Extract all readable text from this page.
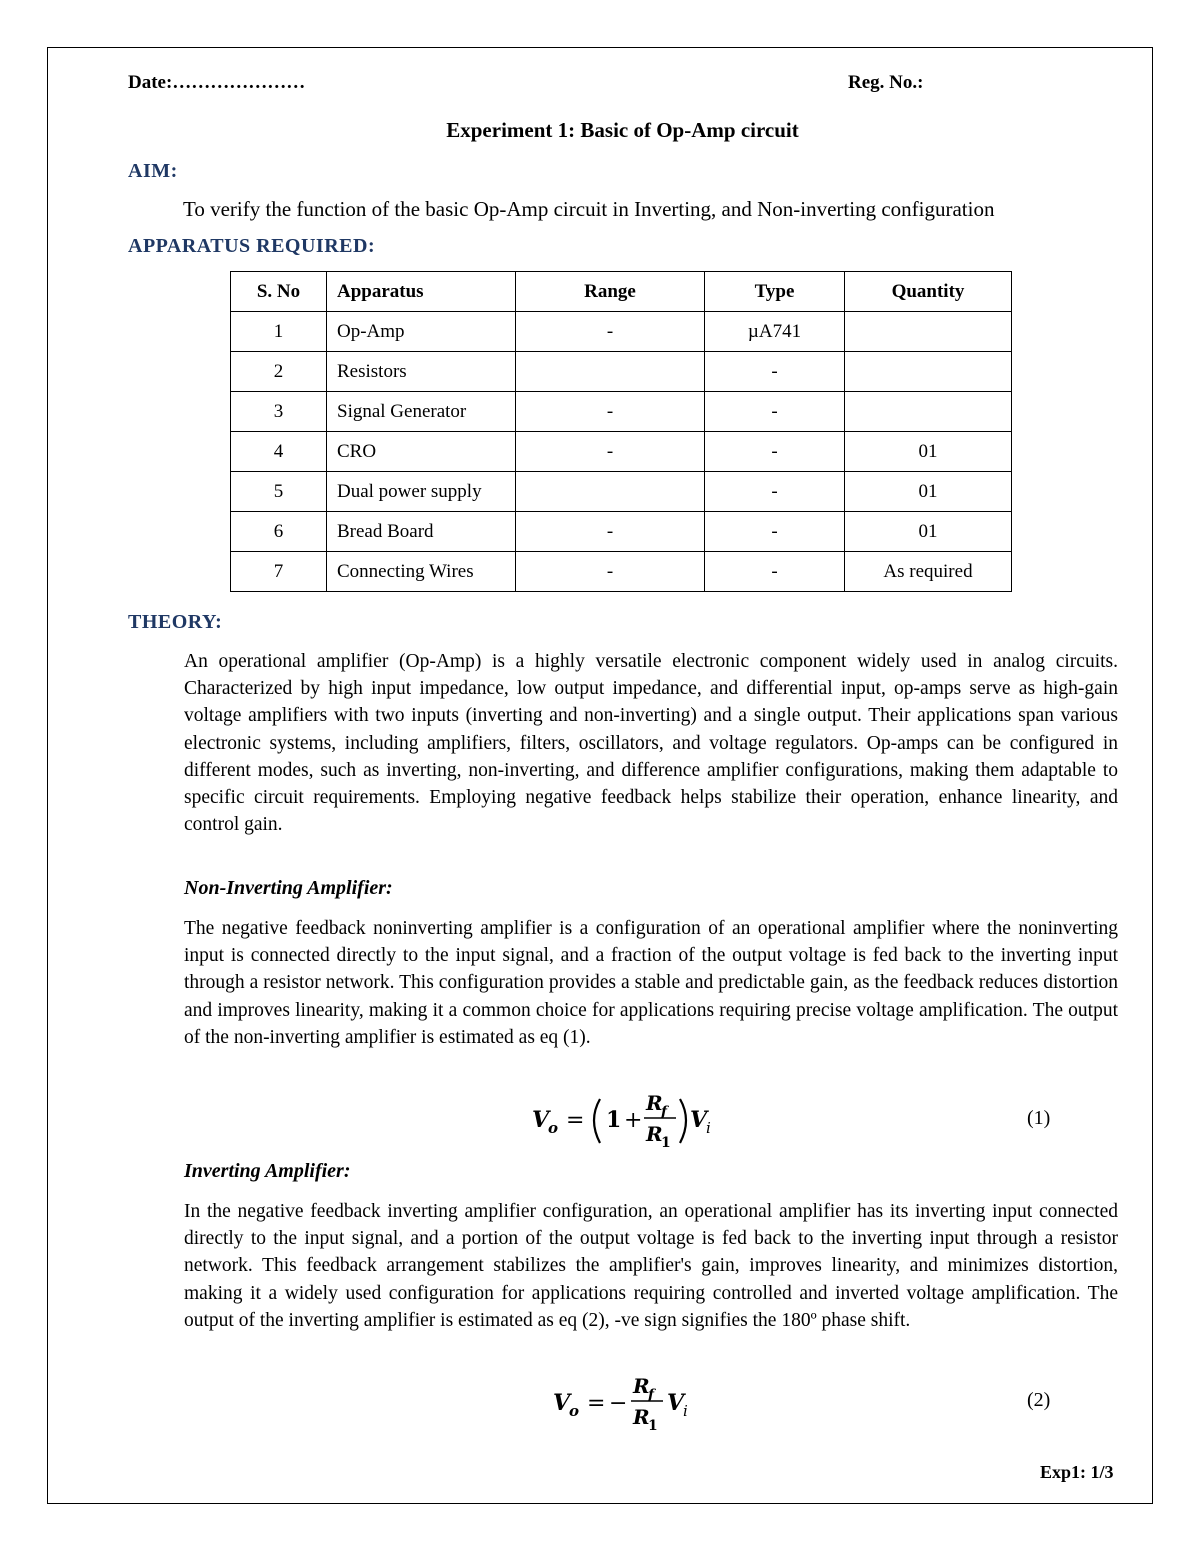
Date:…………………	Reg. No.:
Experiment 1: Basic of Op-Amp circuit
AIM:
To verify the function of the basic Op-Amp circuit in Inverting, and Non-inverting configuration
APPARATUS REQUIRED:
S. No	Apparatus	Range	Type	Quantity
1	Op-Amp	-	µA741	
2	Resistors		-	
3	Signal Generator	-	-	
4	CRO	-	-	01
5	Dual power supply		-	01
6	Bread Board	-	-	01
7	Connecting Wires	-	-	As required
THEORY:
An operational amplifier (Op-Amp) is a highly versatile electronic component widely used in analog circuits. Characterized by high input impedance, low output impedance, and differential input, op-amps serve as high-gain voltage amplifiers with two inputs (inverting and non-inverting) and a single output. Their applications span various electronic systems, including amplifiers, filters, oscillators, and voltage regulators. Op-amps can be configured in different modes, such as inverting, non-inverting, and difference amplifier configurations, making them adaptable to specific circuit requirements. Employing negative feedback helps stabilize their operation, enhance linearity, and control gain.
Non-Inverting Amplifier:
The negative feedback noninverting amplifier is a configuration of an operational amplifier where the noninverting input is connected directly to the input signal, and a fraction of the output voltage is fed back to the inverting input through a resistor network. This configuration provides a stable and predictable gain, as the feedback reduces distortion and improves linearity, making it a common choice for applications requiring precise voltage amplification. The output of the non-inverting amplifier is estimated as eq (1).
V
o = 1 +
R
f
R
1
V
i	(1)
Inverting Amplifier:
In the negative feedback inverting amplifier configuration, an operational amplifier has its inverting input connected directly to the input signal, and a portion of the output voltage is fed back to the inverting input through a resistor network. This feedback arrangement stabilizes the amplifier's gain, improves linearity, and minimizes distortion, making it a widely used configuration for applications requiring controlled and inverted voltage amplification. The output of the inverting amplifier is estimated as eq (2), -ve sign signifies the 180º phase shift.
V
o = −
R
f
R
1
V
i	(2)
Exp1: 1/3
